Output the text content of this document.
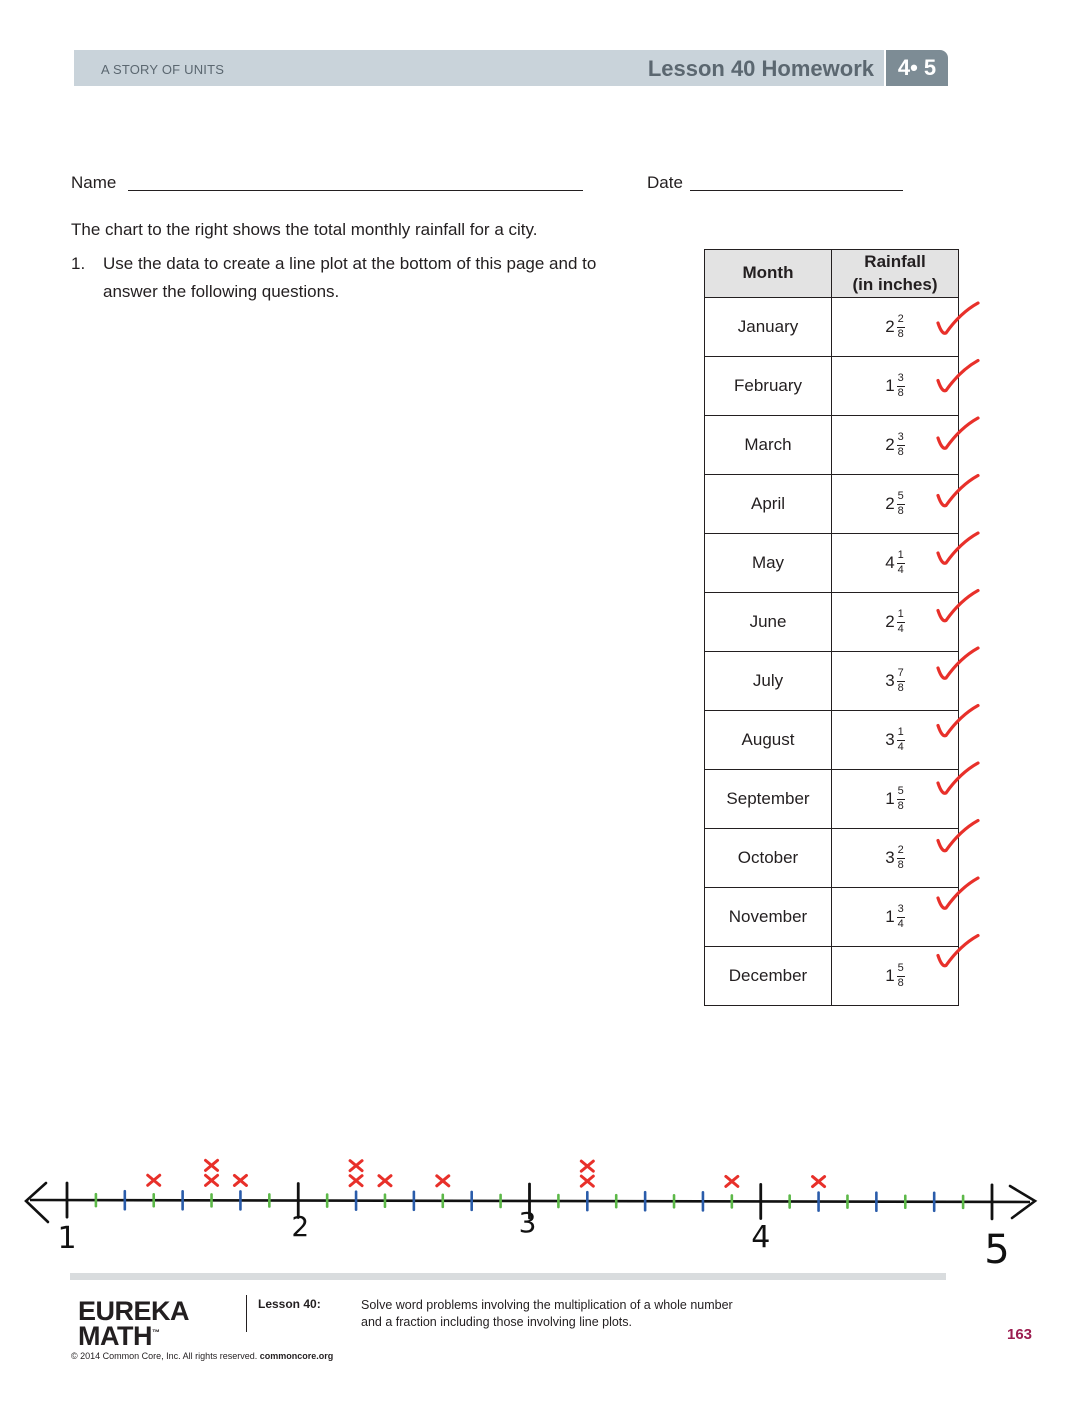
A STORY OF UNITS	Lesson 40 Homework	4• 5
Name	Date
The chart to the right shows the total monthly rainfall for a city.
1. Use the data to create a line plot at the bottom of this page and to
answer the following questions.
Month	Rainfall
(in inches)

January	$2 \frac{2}{8}$

February	$1 \frac{3}{8}$

March	$2 \frac{3}{8}$

April	$2 \frac{5}{8}$

May	$4 \frac{1}{4}$

June	$2 \frac{1}{4}$

July	$3 \frac{7}{8}$

August	$3 \frac{1}{4}$

September	$1 \frac{5}{8}$

October	$3 \frac{2}{8}$

November	$1 \frac{3}{4}$

December	$1 \frac{5}{8}$
1	2	3	4	5
EUREKA
MATH™
© 2014 Common Core, Inc. All rights reserved. commoncore.org
Lesson 40:	Solve word problems involving the multiplication of a whole number
and a fraction including those involving line plots.
163
